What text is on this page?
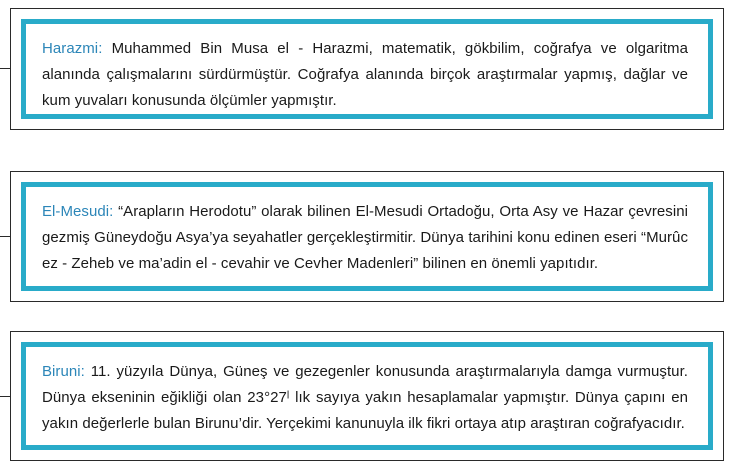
Harazmi: Muhammed Bin Musa el - Harazmi, matematik, gökbilim, coğrafya ve olgaritma alanında çalışmalarını sürdürmüştür. Coğrafya alanında birçok araştırmalar yapmış, dağlar ve kum yuvaları konusunda ölçümler yapmıştır.

El-Mesudi: “Arapların Herodotu” olarak bilinen El-Mesudi Ortadoğu, Orta Asy ve Hazar çevresini gezmiş Güneydoğu Asya’ya seyahatler gerçekleştirmitir. Dünya tarihini konu edinen eseri “Murûc ez - Zeheb ve ma’adin el - cevahir ve Cevher Madenleri” bilinen en önemli yapıtıdır.

Biruni: 11. yüzyıla Dünya, Güneş ve gezegenler konusunda araştırmalarıyla damga vurmuştur. Dünya ekseninin eğikliği olan 23°27ˡ lık sayıya yakın hesaplamalar yapmıştır. Dünya çapını en yakın değerlerle bulan Birunu’dir. Yerçekimi kanunuyla ilk fikri ortaya atıp araştıran coğrafyacıdır.
